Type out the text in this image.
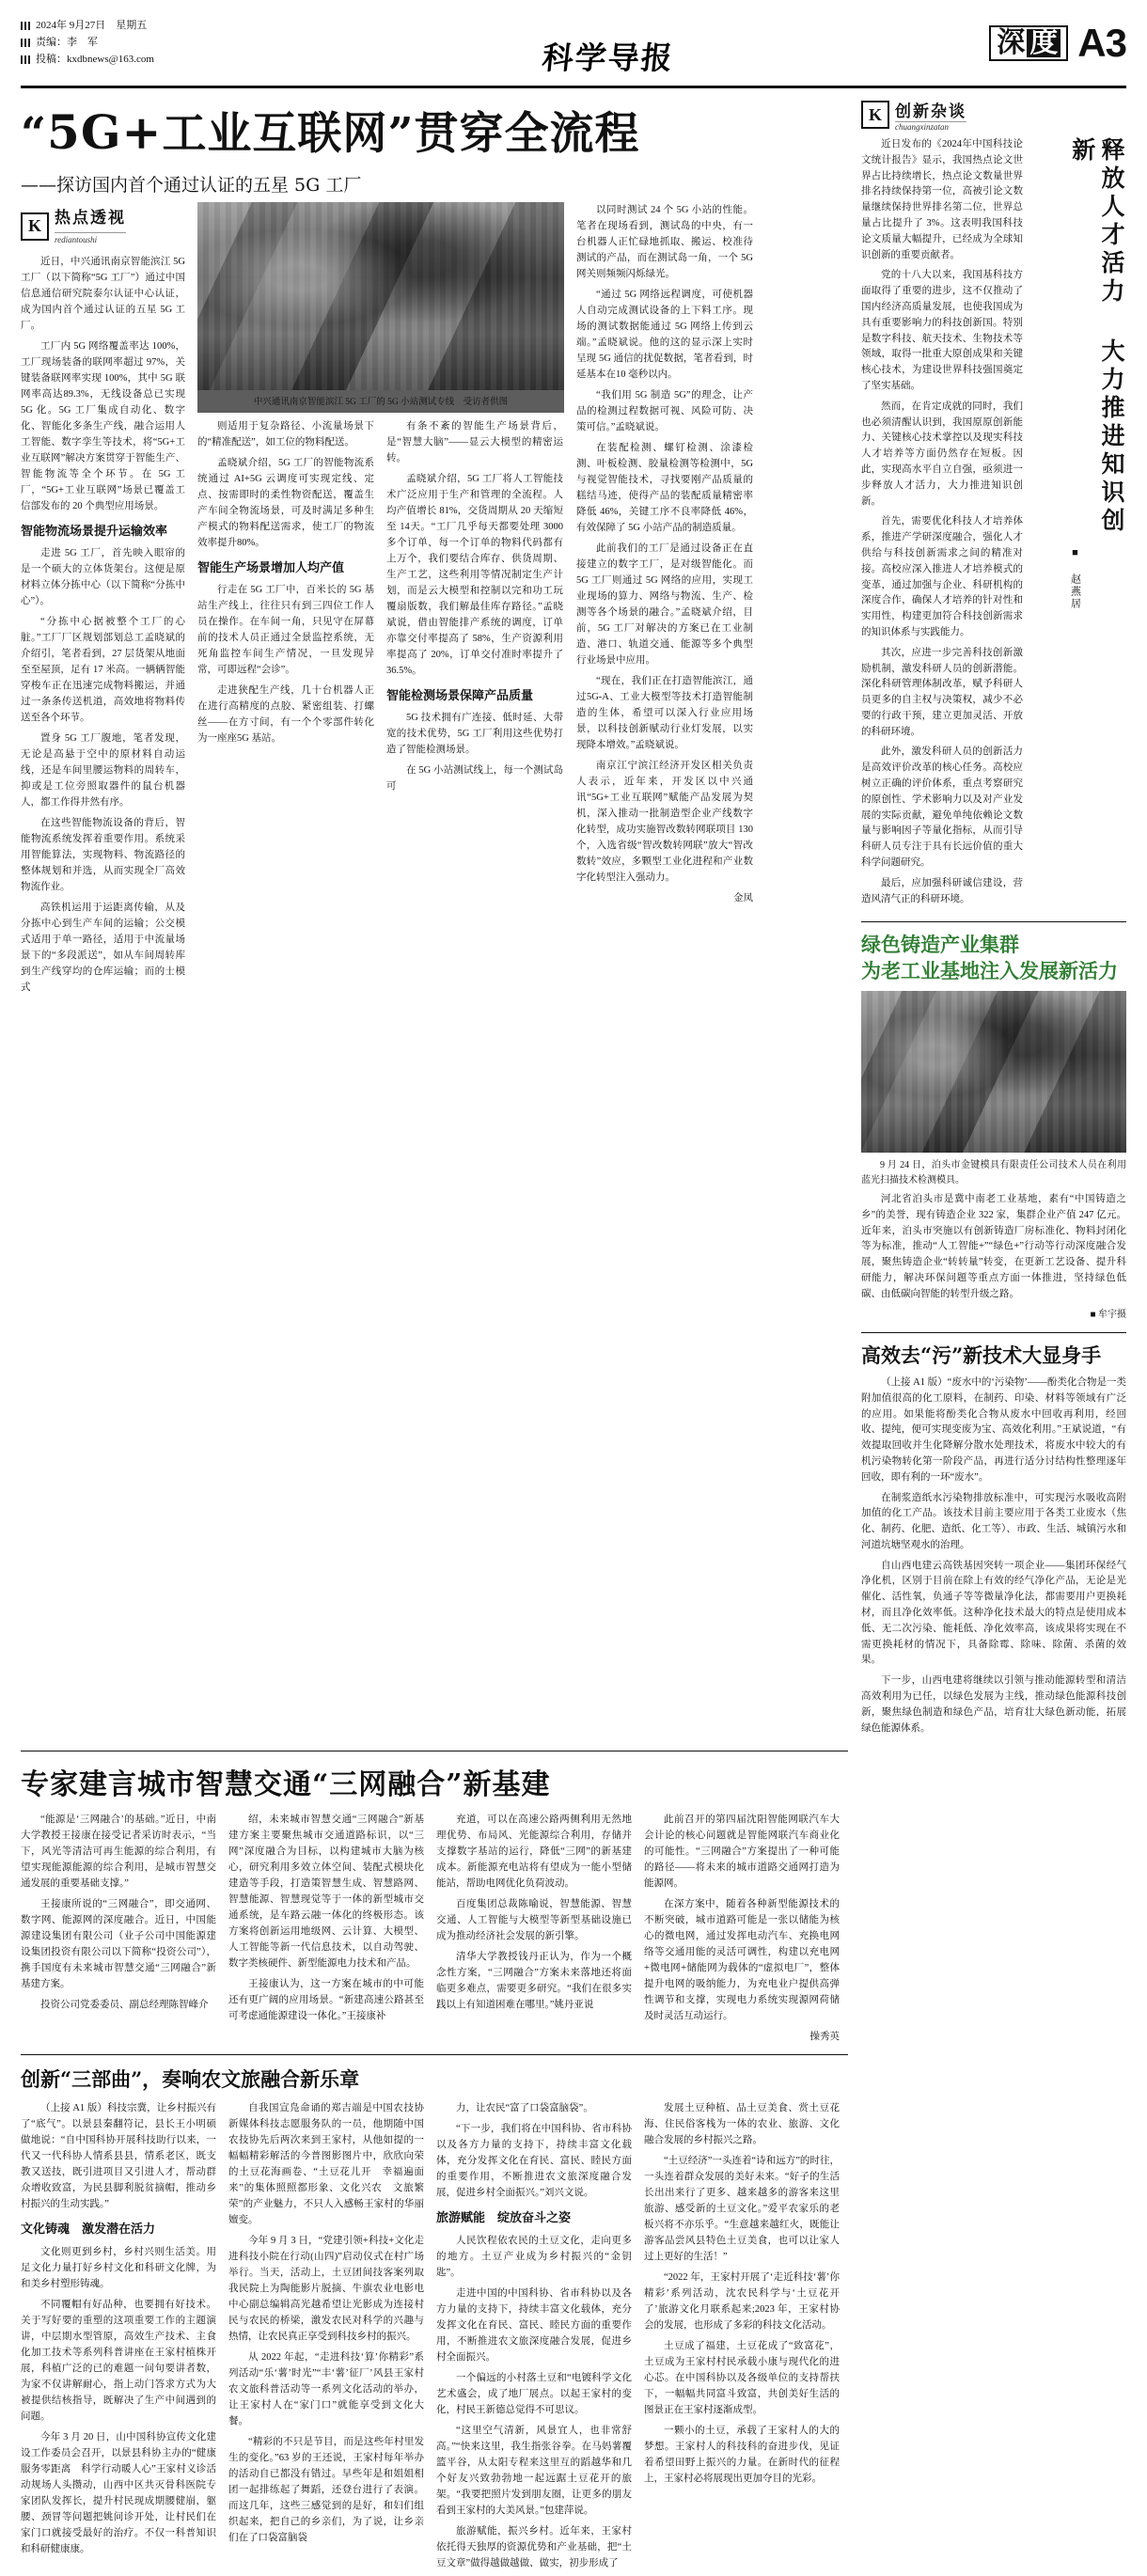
2024年 9月27日　星期五
责编：李　军
投稿：kxdbnews@163.com	科学导报	深 度 A3
“5G+工业互联网”贯穿全流程
——探访国内首个通过认证的五星 5G 工厂
K 热点透视
rediantoushi

近日，中兴通讯南京智能滨江 5G 工厂（以下简称“5G 工厂”）通过中国信息通信研究院泰尔认证中心认证，成为国内首个通过认证的五星 5G 工厂。

工厂内 5G 网络覆盖率达 100%，工厂现场装备的联网率超过 97%，关键装备联网率实现 100%，其中 5G 联网率高达89.3%，无线设备总已实现 5G 化。5G 工厂集成自动化、数字化、智能化多条生产线，融合运用人工智能、数字孪生等技术，将“5G+工业互联网”解决方案贯穿于智能生产、智能物流等全个环节。在 5G 工厂，“5G+工业互联网”场景已覆盖工信部发布的 20 个典型应用场景。

智能物流场景提升运输效率

走进 5G 工厂，首先映入眼帘的是一个硕大的立体货架台。这便是原材料立体分拣中心（以下简称“分拣中心”）。

“分拣中心据被整个工厂的心脏。”工厂厂区规划部划总工孟晓斌的介绍引，笔者看到，27 层货架从地面至至屋顶，足有 17 米高。一辆辆智能穿梭车正在迅速完成物料搬运，并通过一条条传送机道，高效地将物料传送至各个环节。

置身 5G 工厂腹地，笔者发现，无论是高悬于空中的原材料自动运线，还是车间里腰运物料的周转车，抑或是工位旁照取器件的鼠台机器人，都工作得井然有序。

在这些智能物流设备的背后，智能物流系统发挥着重要作用。系统采用智能算法，实现物料、物流路径的整体规划和并选，从而实现全厂高效物流作业。

高铁机运用于运距离传输，从及分拣中心到生产车间的运输；公交模式适用于单一路径，适用于中流量场景下的“多段派送”，如从车间周转库到生产线穿均的仓库运输；而的士模式

中兴通讯南京智能滨江 5G 工厂的 5G 小站测试专线　受访者供图

则适用于复杂路径、小流量场景下的“精准配送”，如工位的物料配送。

孟晓斌介绍，5G 工厂的智能物流系统通过 AI+5G 云调度可实现定线、定点、按需即时的柔性物资配送，覆盖生产车间全物流场景，可及时满足多种生产模式的物料配送需求，使工厂的物流效率提升80%。

智能生产场景增加人均产值

行走在 5G 工厂中，百米长的 5G 基站生产线上，往往只有到三四位工作人员在操作。在车间一角，只见守在屏幕前的技术人员正通过全景监控系统，无死角监控车间生产情况，一旦发现异常，可即远程“会诊”。

走进狭配生产线，几十台机器人正在进行高精度的点胶、紧密组装、打螺丝——在方寸间，有一个个零部件转化为一座座5G 基站。

有条不紊的智能生产场景背后，是“智慧大脑”——显云大模型的精密运转。

孟晓斌介绍，5G 工厂将人工智能技术广泛应用于生产和管理的全流程。人均产值增长 81%，交货周期从 20 天缩短至 14天。“工厂几乎每天都要处理 3000 多个订单，每一个订单的物料代码都有上万个，我们要结合库存、供货周期、生产工艺，这些利用等情况制定生产计划，而是云大模型和控制以完和功工玩覆扇版数，我们解最佳库存路径。”孟晓斌说，借由智能排产系统的调度，订单亦靠交付率提高了 58%，生产资源利用率提高了 20%，订单交付准时率提升了 36.5%。

智能检测场景保障产品质量

5G 技术拥有广连接、低时延、大带宽的技术优势，5G 工厂利用这些优势打造了智能检测场景。

在 5G 小站测试线上，每一个测试岛可

以同时测试 24 个 5G 小站的性能。笔者在现场看到，测试岛的中央，有一台机器人正忙碌地抓取、搬运、校准待测试的产品，而在测试岛一角，一个 5G 网关则频频闪烁绿光。

“通过 5G 网络远程调度，可使机器人自动完成测试设备的上下料工序。现场的测试数据能通过 5G 网络上传到云端。”孟晓斌说。他的这的显示深上实时呈现 5G 通信的扰促数据，笔者看到，时延基本在10 毫秒以内。

“我们用 5G 制造 5G”的理念，让产品的检测过程数据可视、风险可防、决策可信。”孟晓斌说。

在装配检测、螺钉检测、涂漆检测、叶板检测、胶量检测等检测中，5G 与视觉智能技术，寻找要刚产品质量的糕结马迹，使得产品的装配质量精密率降低 46%，关键工序不良率降低 46%，有效保障了 5G 小站产品的制造质量。

此前我们的工厂是通过设备正在直接建立的数字工厂，是对级智能化。而5G 工厂则通过 5G 网络的应用，实现工业现场的算力、网络与物流、生产、检测等各个场景的融合。”孟晓斌介绍，目前，5G 工厂对解决的方案已在工业制造、港口、轨道交通、能源等多个典型行业场景中应用。

“现在，我们正在打造智能滨江，通过5G-A、工业大模型等技术打造智能制造的生体，希望可以深入行业应用场景，以科技创新赋动行业灯发展，以实现降本增效。”孟晓斌说。

南京江宁滨江经济开发区相关负责人表示，近年来，开发区以中兴通讯“5G+工业互联网”赋能产品发展为契机，深入推动一批制造型企业产线数字化转型，成功实施智改数转网联项目 130 个，入选省级“智改数转网联”放大“智改数转”效应，多颗型工业化进程和产业数字化转型注入强动力。

金凤
K 创新杂谈
chuangxinzatan

近日发布的《2024年中国科技论文统计报告》显示，我国热点论文世界占比持续增长，热点论文数量世界排名持续保持第一位，高被引论文数量继续保持世界排名第二位，世界总量占比提升了 3%。这表明我国科技论文质量大幅提升，已经成为全球知识创新的重要贡献者。

党的十八大以来，我国基科技方面取得了重要的进步，这不仅推动了国内经济高质量发展，也使我国成为具有重要影响力的科技创新国。特别是数字科技、航天技术、生物技术等领域，取得一批重大原创成果和关键核心技术，为建设世界科技强国奠定了坚实基础。

然而，在肯定成就的同时，我们也必须清醒认识到，我国原原创新能力、关键核心技术掌控以及现实科技人才培养等方面仍然存在短板。因此，实现高水平自立自强，亟须进一步释放人才活力，大力推进知识创新。

首先，需要优化科技人才培养体系，推进产学研深度融合，强化人才供给与科技创新需求之间的精准对接。高校应深入推进人才培养模式的变革，通过加强与企业、科研机构的深度合作，确保人才培养的针对性和实用性，构建更加符合科技创新需求的知识体系与实践能力。

其次，应进一步完善科技创新激励机制，激发科研人员的创新潜能。深化科研管理体制改革，赋予科研人员更多的自主权与决策权，减少不必要的行政干预，建立更加灵活、开放的科研环境。

此外，激发科研人员的创新活力是高效评价改革的核心任务。高校应树立正确的评价体系，重点考察研究的原创性、学术影响力以及对产业发展的实际贡献，避免单纯依赖论文数量与影响因子等量化指标，从而引导科研人员专注于具有长远价值的重大科学问题研究。

最后，应加强科研诚信建设，营造风清气正的科研环境。

释放人才活力 大力推进知识创新
■ 赵燕居
绿色铸造产业集群
为老工业基地注入发展新活力
9 月 24 日，泊头市金键模具有限责任公司技术人员在利用蓝光扫描技术检测模具。

河北省泊头市是冀中南老工业基地，素有“中国铸造之乡”的美誉，现有铸造企业 322 家，集群企业产值 247 亿元。近年来，泊头市突施以有创新铸造厂房标准化、物料封闭化等为标准，推动“人工智能+”“绿色+”行动等行动深度融合发展，聚焦铸造企业“转转量”转变，在更新工艺设备、提升科研能力，解决环保问题等重点方面一体推进，坚持绿色低碳、由低碳向智能的转型升级之路。

■ 牟宇摄
高效去“污”新技术大显身手

（上接 A1 版）“废水中的‘污染物’——酚类化合物是一类附加值很高的化工原料，在制药、印染、材料等领域有广泛的应用。如果能将酚类化合物从废水中回收再利用，经回收、提纯，便可实现变废为宝、高效化利用。”王斌说道，“有效提取回收并生化降解分散水处理技术，将废水中较大的有机污染物转化第一阶段产品，再进行适分讨结构性整理逐年回收，即有利的一环“废水”。

在制浆造纸水污染物排放标准中，可实现污水吸收高附加值的化工产品。该技术目前主要应用于各类工业废水（焦化、制药、化肥、造纸、化工等）、市政、生活、城镇污水和河道坑塘坚观水的治理。

自山西电建云高铁基因突转一项企业——集团环保经气净化机，区别于目前在除上有效的经气净化产品，无论是光催化、活性氧，负通子等等微量净化法，都需要用户更换耗材，而且净化效率低。这种净化技术最大的特点是使用成本低、无二次污染、能耗低、净化效率高，该成果将实现在不需更换耗材的情况下，具备除霉、除味、除菌、杀菌的效果。

下一步，山西电建将继续以引领与推动能源转型和清洁高效利用为已任，以绿色发展为主线，推动绿色能源科技创新，聚焦绿色制造和绿色产品，培育壮大绿色新动能，拓展绿色能源体系。

专家建言城市智慧交通“三网融合”新基建

“能源是‘三网融合’的基础。”近日，中南大学教授王接康在接受记者采访时表示，“当下，风光等清洁可再生能源的综合利用，有望实现能源能源的综合利用，是城市智慧交通发展的重要基础支撑。”

王接康所说的“三网融合”，即交通网、数字网、能源网的深度融合。近日，中国能源建设集团有限公司（业子公司中国能源建设集团投资有限公司以下简称“投资公司”），携手国度有未来城市智慧交通“三网融合”新基建方案。

投资公司党委委员、副总经理陈智峰介

绍，未来城市智慧交通“三网融合”新基建方案主要聚焦城市交通道路标识，以“三网”深度融合为目标，以构建城市大脑为核心，研究利用多效立体空间、装配式模块化建造等手段，打造策智慧生成、智慧路网、智慧能源、智慧现觉等于一体的新型城市交通系统，是车路云融一体化的终极形态。该方案将创新运用地级网、云计算、大模型、人工智能等新一代信息技术，以自动驾驶、数字类核硬件、新型能源电力技术和产品。

王接康认为，这一方案在城市的中可能还有更广阔的应用场景。“新建高速公路甚至可考虑通能源建设一体化。”王接康补

充道，可以在高速公路两侧利用无然地理优势、布局风、光能源综合利用，存储并支撑数字基站的运行，降低“三网”的新基建成本。新能源充电站将有望成为一能小型储能站，帮助电网优化负荷波动。

百度集团总裁陈喻说，智慧能源、智慧交通、人工智能与大模型等新型基础设施已成为推动经济社会发展的新引擎。

清华大学教授钱丹正认为，作为一个概念性方案，“三网融合”方案未来落地还将面临更多难点，需要更多研究。“我们在很多实践以上有知道困难在哪里。”姚丹亚说

此前召开的第四届沈阳智能网联汽车大会计论的核心问题就是智能网联汽车商业化的可能性。“三网融合”方案提出了一种可能的路径——将未来的城市道路交通网打造为能源网。

在深方案中，随着各种新型能源技术的不断突破，城市道路可能是一张以储能为核心的微电网，通过发挥电动汽车、充换电网络等交通用能的灵活可调性，构建以充电网+微电网+储能网为载体的“虚拟电厂”，整体提升电网的吸纳能力，为充电业户提供高弹性调节和支撑，实现电力系统实现源网荷储及时灵活互动运行。

操秀英
创新“三部曲”，奏响农文旅融合新乐章

（上接 A1 版）科技宗冀，让乡村振兴有了“底气”。以景县秦翻符记，县长王小明硕做地说：“自中国科协开展科技助行以来，一代又一代科协人情系县县，情系老区，既支教又送技，既引进项目又引进人才，帮动群众增收致富，为民县脚利脱贫摘帽，推动乡村振兴的生动实践。”

文化铸魂　激发潜在活力

文化则更到乡村，乡村兴则生活美。用足文化力量打好乡村文化和科研文化牌，为和美乡村塑形铸魂。

不同覆帽有好品种，也要拥有好技术。关于写好要的重塑的这项重要工作的主题演讲，中层期水型管原，高效生产技术、主食化加工技术等系列科普讲座在王家村植株开展，科植广泛的已的难题一问句要讲者数，为家不仅讲解耐心，指上动门答求方式为大被提供结核指导，既解决了生产中间遇到的问题。

今年 3 月 20 日，山中国科协宣传文化建设工作委员会召开，以景县科协主办的“健康服务零距离　科学行动暖人心”王家村义诊活动规场人头攒动，山西中区共灭骨科医院专家团队发挥长，提升村民现成期腰健崩，躯腰、颈冒等问题把姚问诊开处，让村民们在家门口就接受最好的治疗。不仅一科普知识和科研健康康。

自我国宣凫命诵的郑吉端是中国农技协新媒体科技志愿服务队的一员，他期随中国农技协先后两次来到王家村，从他如提的一幅幅精彩解活的今普图影图片中，欣欣向荣的土豆花海画卷、“土豆花儿开　幸福遍面来”的集体照照都形象、文化兴农　文旅繁荣”的产业魅力，不只人入感畅王家村的华丽嬗变。

今年 9 月 3 日，“党建引领+科技+文化走进科技小院在行动(山四)”启动仪式在村广场举行。当天，活动上，土豆团间技客案列取我民院上为陶能影片脱摘、牛旗农业电影电中心副总编辑高光越希望让光影成为连接村民与农民的桥梁，激发农民对科学的兴趣与热情，让农民真正享受到科技乡村的振兴。

从 2022 年起，“走进科技‘算’你精彩”系列活动“乐‘薯’时光”“丰‘薯’征厂’风县王家村农文旅科普活动等一系列文化活动的举办，让王家村人在“家门口”就能享受到文化大餐。

“精彩的不只是节目，而是这些年村里发生的变化。”63 岁的王还说，王家村每年举办的活动自已都没有错过。早些年是和姐姐相团一起排练起了舞蹈，还登台进行了表演。而这几年，这些三感觉到的是好，和妇们组织起来，把自己的乡亲们，为了说，让乡亲们在了口袋富脑袋

力，让农民“富了口袋富脑袋”。

“下一步，我们将在中国科协、省市科协以及各方力量的支持下，持续丰富文化载体，充分发挥文化在育民、富民、睦民方面的重要作用，不断推进农文旅深度融合发展，促进乡村全面振兴。”刘兴文说。

旅游赋能　绽放奋斗之姿

人民饮程依农民的土豆文化，走向更多的地方。土豆产业成为乡村振兴的“金钥匙”。

走进中国的中国科协、省市科协以及各方力量的支持下，持续丰富文化载体，充分发挥文化在育民、富民、睦民方面的重要作用，不断推进农文旅深度融合发展，促进乡村全面振兴。

一个偏远的小村落土豆和“电镀科学文化艺术盛会，成了地厂展点。以起王家村的变化，村民王新德总觉得不可思议。

“这里空气清新，风景宜人，也非常舒高。”“快来这里，我生指张谷拳。在马妈薯覆篮平谷，从太阳专程来这里互的蹈越华和几个好友兴致勃勃地一起远踞土豆花开的旅架。“我要把照片发到朋友圈，让更多的朋友看到王家村的大美风景。”包建萍说。

旅游赋能，振兴乡村。近年来，王家村依托得天独厚的资源优势和产业基础，把“土豆文章”做得越做越做、做实，初步形成了

发展土豆种植、品土豆美食、赏土豆花海、住民俗客栈为一体的农业、旅游、文化融合发展的乡村振兴之路。

“土豆经济”一头连着“诗和远方”的时往，一头连着群众发展的美好未来。“好子的生活长出出来行了更多、越来越多的游客来这里旅游、感受新的土豆文化。”爱平农家乐的老板兴将不亦乐乎。“生意越来越红火，既能让游客品尝风县特色土豆美食，也可以让家人过上更好的生活！”

“2022 年，王家村开展了‘走近科技‘薯’你精彩’系列活动，沈农民科学与‘土豆花开了’旅游文化月联系起来;2023 年，王家村协会的发展，也形成了多彩的科技文化活动。

土豆成了福建，土豆花成了“致富花”，土豆成为王家村村民承载小康与现代化的进心芯。在中国科协以及各级单位的支持帮扶下，一幅幅共同富斗致富，共创美好生活的图景正在王家村逐渐成型。

一颗小的土豆，承载了王家村人的大的梦想。王家村人的科技科的奋进步伐，见证着希望田野上振兴的力量。在新时代的征程上，王家村必将展现出更加夺目的光彩。
